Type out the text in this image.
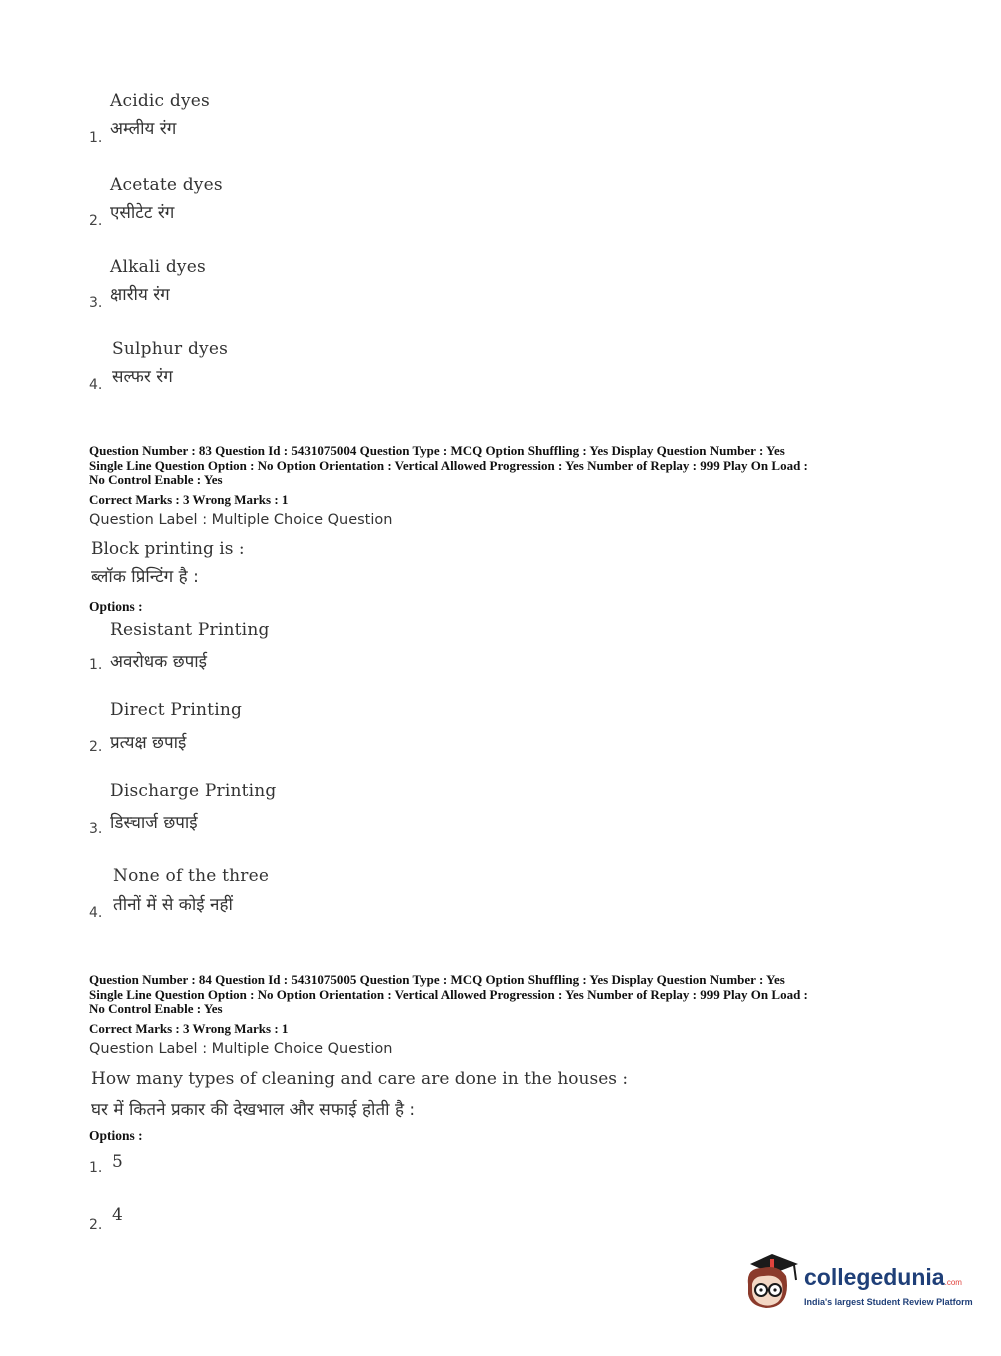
Acidic dyes
अम्लीय रंग
1.
Acetate dyes
एसीटेट रंग
2.
Alkali dyes
क्षारीय रंग
3.
Sulphur dyes
सल्फर रंग
4.
Question Number : 83 Question Id : 5431075004 Question Type : MCQ Option Shuffling : Yes Display Question Number : Yes
Single Line Question Option : No Option Orientation : Vertical Allowed Progression : Yes Number of Replay : 999 Play On Load :
No Control Enable : Yes
Correct Marks : 3 Wrong Marks : 1
Question Label : Multiple Choice Question
Block printing is :
ब्लॉक प्रिन्टिंग है :
Options :
Resistant Printing
अवरोधक छपाई
1.
Direct Printing
प्रत्यक्ष छपाई
2.
Discharge Printing
डिस्चार्ज छपाई
3.
None of the three
तीनों में से कोई नहीं
4.
Question Number : 84 Question Id : 5431075005 Question Type : MCQ Option Shuffling : Yes Display Question Number : Yes
Single Line Question Option : No Option Orientation : Vertical Allowed Progression : Yes Number of Replay : 999 Play On Load :
No Control Enable : Yes
Correct Marks : 3 Wrong Marks : 1
Question Label : Multiple Choice Question
How many types of cleaning and care are done in the houses :
घर में कितने प्रकार की देखभाल और सफाई होती है :
Options :
5
1.
4
2.
collegedunia.com
India's largest Student Review Platform
